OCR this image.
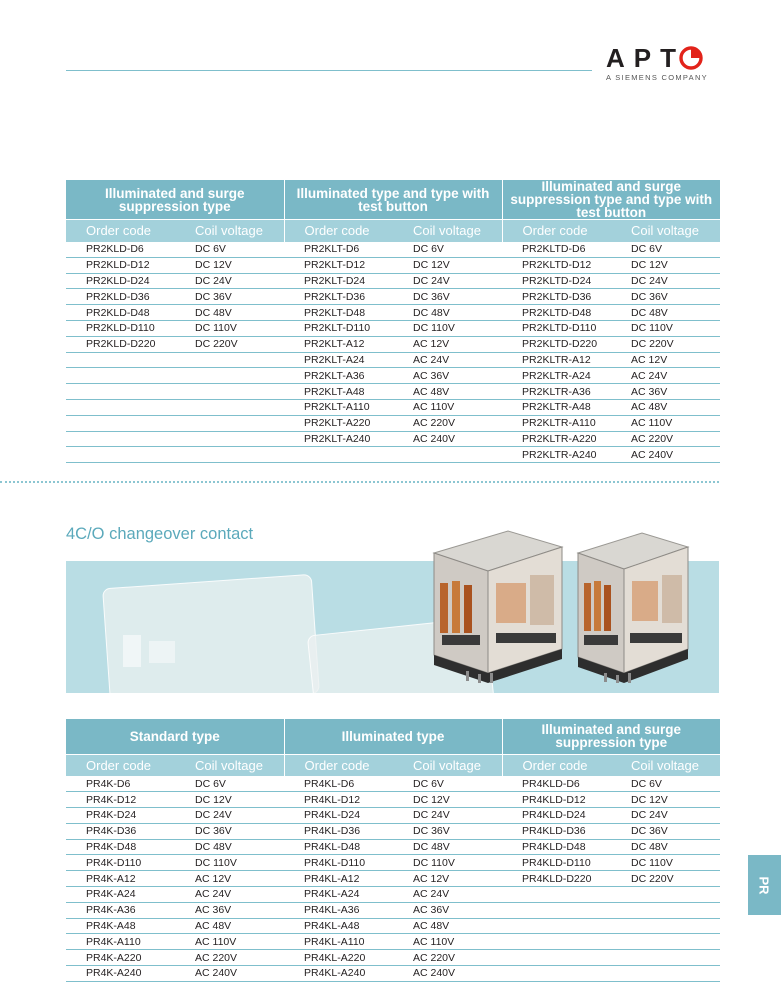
APT
A SIEMENS COMPANY
Illuminated and surge suppression type		Illuminated type and type with test button		Illuminated and surge suppression type and type with test button	
Order code	Coil voltage	Order code	Coil voltage	Order code	Coil voltage
PR2KLD-D6	DC 6V	PR2KLT-D6	DC 6V	PR2KLTD-D6	DC 6V
PR2KLD-D12	DC 12V	PR2KLT-D12	DC 12V	PR2KLTD-D12	DC 12V
PR2KLD-D24	DC 24V	PR2KLT-D24	DC 24V	PR2KLTD-D24	DC 24V
PR2KLD-D36	DC 36V	PR2KLT-D36	DC 36V	PR2KLTD-D36	DC 36V
PR2KLD-D48	DC 48V	PR2KLT-D48	DC 48V	PR2KLTD-D48	DC 48V
PR2KLD-D110	DC 110V	PR2KLT-D110	DC 110V	PR2KLTD-D110	DC 110V
PR2KLD-D220	DC 220V	PR2KLT-A12	AC 12V	PR2KLTD-D220	DC 220V
		PR2KLT-A24	AC 24V	PR2KLTR-A12	AC 12V
		PR2KLT-A36	AC 36V	PR2KLTR-A24	AC 24V
		PR2KLT-A48	AC 48V	PR2KLTR-A36	AC 36V
		PR2KLT-A110	AC 110V	PR2KLTR-A48	AC 48V
		PR2KLT-A220	AC 220V	PR2KLTR-A110	AC 110V
		PR2KLT-A240	AC 240V	PR2KLTR-A220	AC 220V
				PR2KLTR-A240	AC 240V
4C/O changeover contact
Standard type		Illuminated type		Illuminated and surge suppression type	
Order code	Coil voltage	Order code	Coil voltage	Order code	Coil voltage
PR4K-D6	DC 6V	PR4KL-D6	DC 6V	PR4KLD-D6	DC 6V
PR4K-D12	DC 12V	PR4KL-D12	DC 12V	PR4KLD-D12	DC 12V
PR4K-D24	DC 24V	PR4KL-D24	DC 24V	PR4KLD-D24	DC 24V
PR4K-D36	DC 36V	PR4KL-D36	DC 36V	PR4KLD-D36	DC 36V
PR4K-D48	DC 48V	PR4KL-D48	DC 48V	PR4KLD-D48	DC 48V
PR4K-D110	DC 110V	PR4KL-D110	DC 110V	PR4KLD-D110	DC 110V
PR4K-A12	AC 12V	PR4KL-A12	AC 12V	PR4KLD-D220	DC 220V
PR4K-A24	AC 24V	PR4KL-A24	AC 24V		
PR4K-A36	AC 36V	PR4KL-A36	AC 36V		
PR4K-A48	AC 48V	PR4KL-A48	AC 48V		
PR4K-A110	AC 110V	PR4KL-A110	AC 110V		
PR4K-A220	AC 220V	PR4KL-A220	AC 220V		
PR4K-A240	AC 240V	PR4KL-A240	AC 240V		
PR
